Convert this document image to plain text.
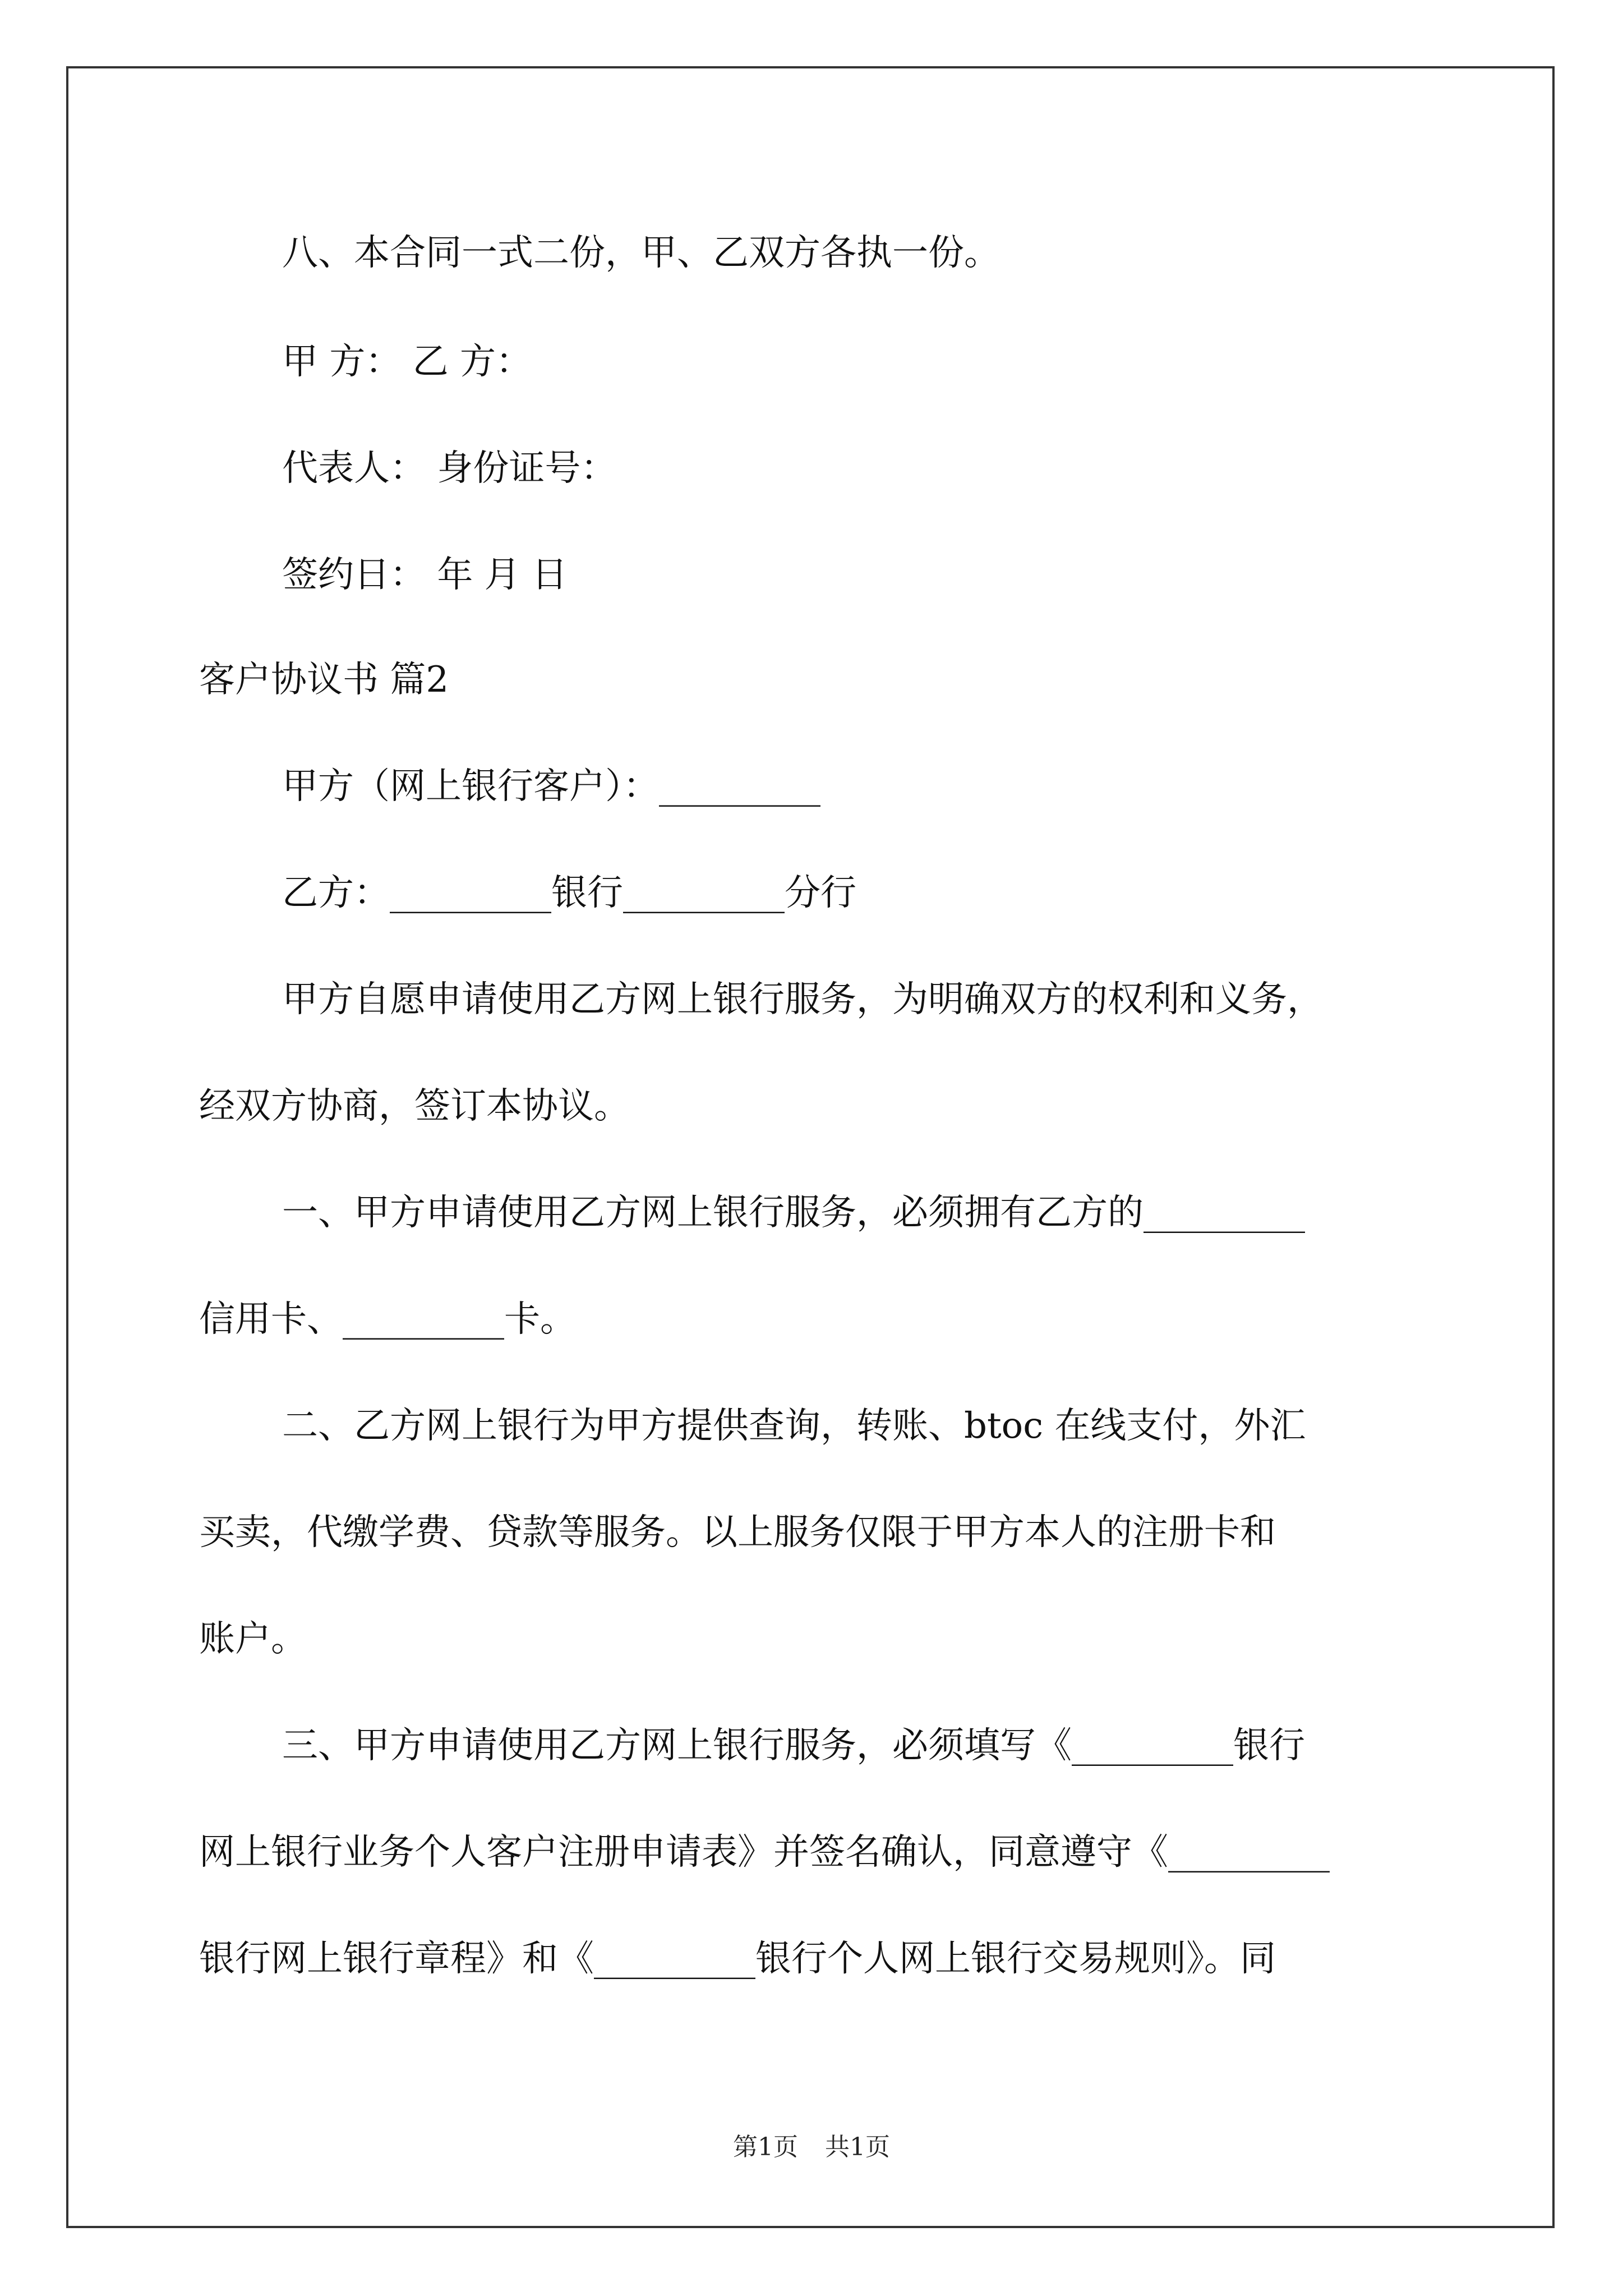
八、本合同一式二份，甲、乙双方各执一份。
甲 方： 乙 方：
代表人： 身份证号：
签约日： 年 月 日
客户协议书 篇2
甲方（网上银行客户）：_________
乙方：_________银行_________分行
甲方自愿申请使用乙方网上银行服务，为明确双方的权利和义务，
经双方协商，签订本协议。
一、甲方申请使用乙方网上银行服务，必须拥有乙方的_________
信用卡、_________卡。
二、乙方网上银行为甲方提供查询，转账、btoc 在线支付，外汇
买卖，代缴学费、贷款等服务。以上服务仅限于甲方本人的注册卡和
账户。
三、甲方申请使用乙方网上银行服务，必须填写《_________银行
网上银行业务个人客户注册申请表》并签名确认，同意遵守《_________
银行网上银行章程》和《_________银行个人网上银行交易规则》。同
第1页 共1页
